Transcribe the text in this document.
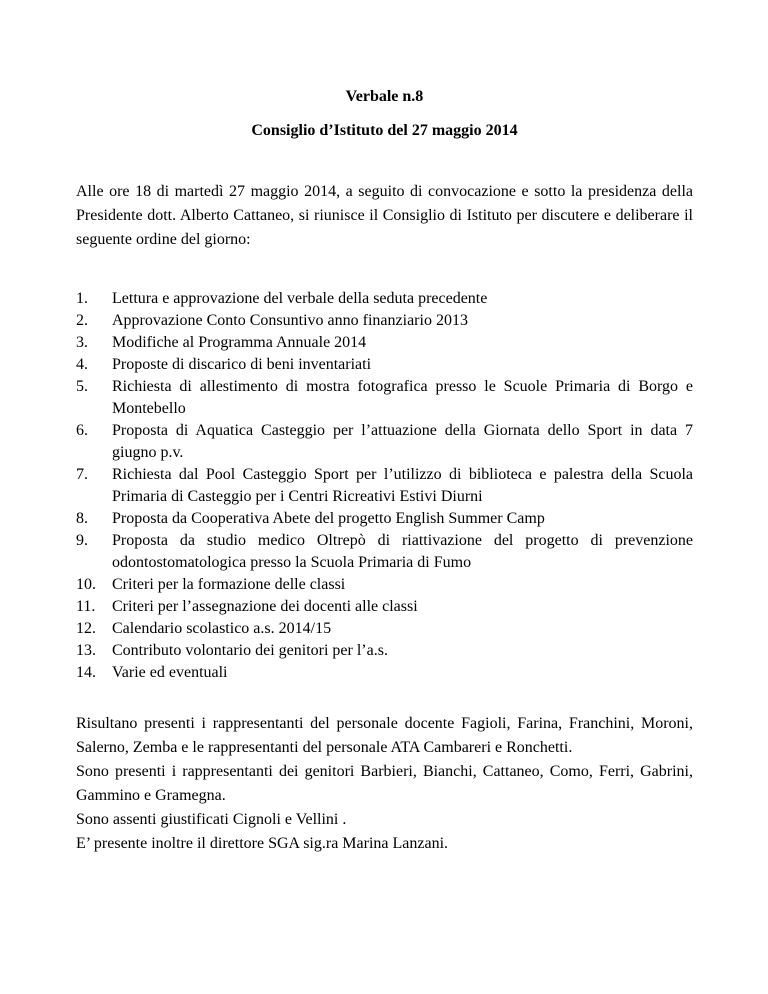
Verbale n.8

Consiglio d’Istituto del 27 maggio 2014

Alle ore 18 di martedì 27 maggio 2014, a seguito di convocazione e sotto la presidenza della Presidente dott. Alberto Cattaneo, si riunisce il Consiglio di Istituto per discutere e deliberare il seguente ordine del giorno:

1.	Lettura e approvazione del verbale della seduta precedente
2.	Approvazione Conto Consuntivo anno finanziario 2013
3.	Modifiche al Programma Annuale 2014
4.	Proposte di discarico di beni inventariati
5.	Richiesta di allestimento di mostra fotografica presso le Scuole Primaria di Borgo e Montebello
6.	Proposta di Aquatica Casteggio per l’attuazione della Giornata dello Sport in data 7 giugno p.v.
7.	Richiesta dal Pool Casteggio Sport per l’utilizzo di biblioteca e palestra della Scuola Primaria di Casteggio per i Centri Ricreativi Estivi Diurni
8.	Proposta da Cooperativa Abete del progetto English Summer Camp
9.	Proposta da studio medico Oltrepò di riattivazione del progetto di prevenzione odontostomatologica presso la Scuola Primaria di Fumo
10.	Criteri per la formazione delle classi
11.	Criteri per l’assegnazione dei docenti alle classi
12.	Calendario scolastico a.s. 2014/15
13.	Contributo volontario dei genitori per l’a.s.
14.	Varie ed eventuali

Risultano presenti i rappresentanti del personale docente Fagioli, Farina, Franchini, Moroni, Salerno, Zemba e le rappresentanti del personale ATA Cambareri e Ronchetti.

Sono presenti i rappresentanti dei genitori Barbieri, Bianchi, Cattaneo, Como, Ferri, Gabrini, Gammino e Gramegna.

Sono assenti giustificati Cignoli e Vellini .

E’ presente inoltre il direttore SGA sig.ra Marina Lanzani.
